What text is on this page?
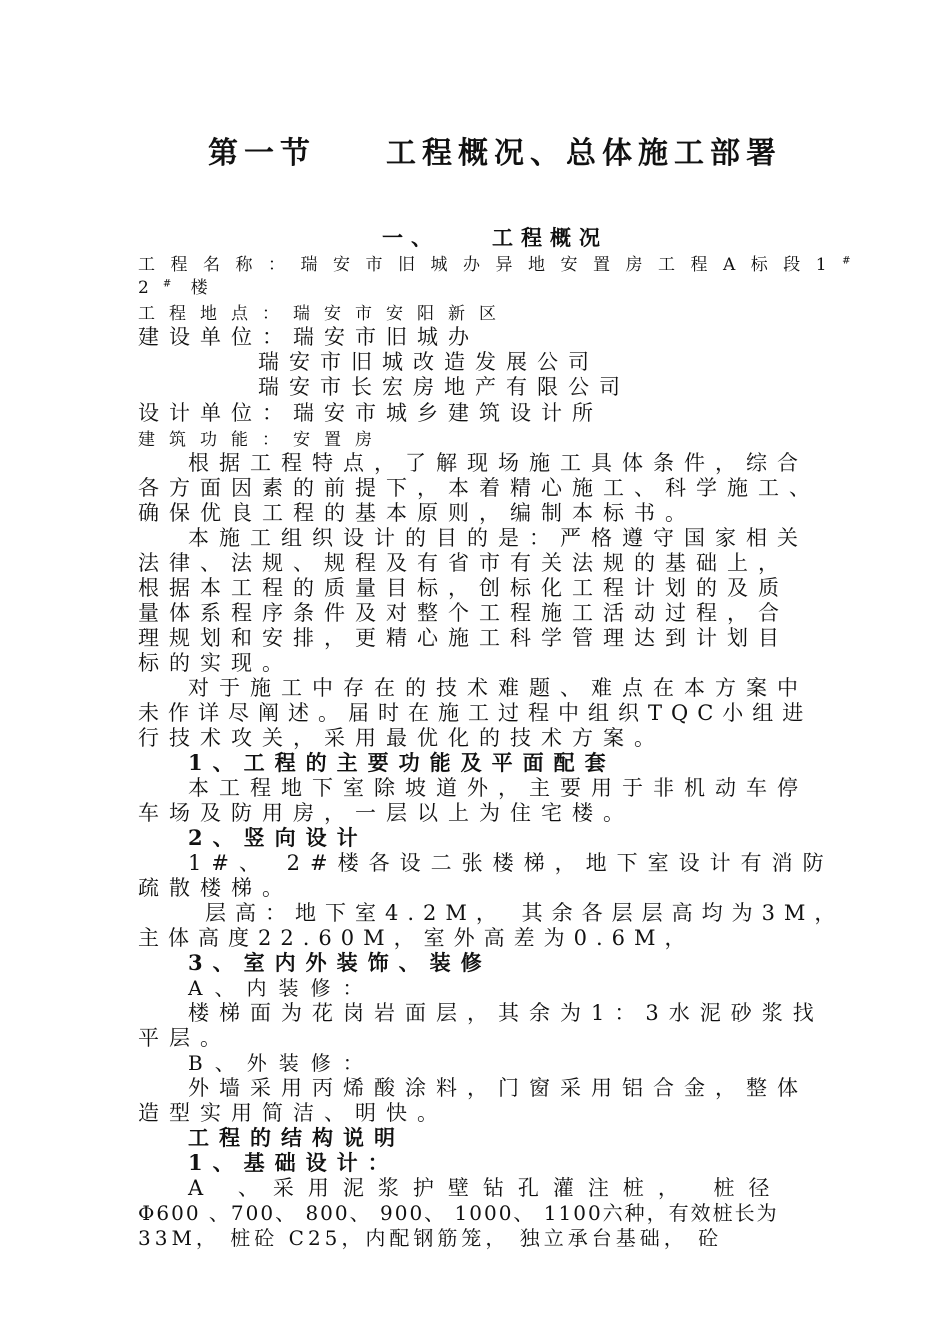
第一节 工程概况、总体施工部署
一、 工程概况
工程名称：瑞安市旧城办异地安置房工程A标段1#
2# 楼
工程地点：瑞安市安阳新区
建设单位：瑞安市旧城办
瑞安市旧城改造发展公司
瑞安市长宏房地产有限公司
设计单位：瑞安市城乡建筑设计所
建筑功能：安置房
根据工程特点，了解现场施工具体条件，综合
各方面因素的前提下，本着精心施工、科学施工、
确保优良工程的基本原则，编制本标书。
本施工组织设计的目的是：严格遵守国家相关
法律、法规、规程及有省市有关法规的基础上，
根据本工程的质量目标，创标化工程计划的及质
量体系程序条件及对整个工程施工活动过程，合
理规划和安排，更精心施工科学管理达到计划目
标的实现。
对于施工中存在的技术难题、难点在本方案中
未作详尽阐述。届时在施工过程中组织TQC小组进
行技术攻关，采用最优化的技术方案。
1、工程的主要功能及平面配套
本工程地下室除坡道外，主要用于非机动车停
车场及防用房，一层以上为住宅楼。
2、竖向设计
1#、 2#楼各设二张楼梯，地下室设计有消防
疏散楼梯。
层高：地下室4.2M， 其余各层层高均为3M，
主体高度22.60M，室外高差为0.6M，
3、室内外装饰、装修
A、内装修：
楼梯面为花岗岩面层，其余为1：3水泥砂浆找
平层。
B、外装修：
外墙采用丙烯酸涂料，门窗采用铝合金，整体
造型实用简洁、明快。
工程的结构说明
1、基础设计：
A 、采用泥浆护壁钻孔灌注桩， 桩径
Φ600 、700、 800、 900、 1000、 1100六种，有效桩长为
33M， 桩砼 C25，内配钢筋笼， 独立承台基础， 砼
